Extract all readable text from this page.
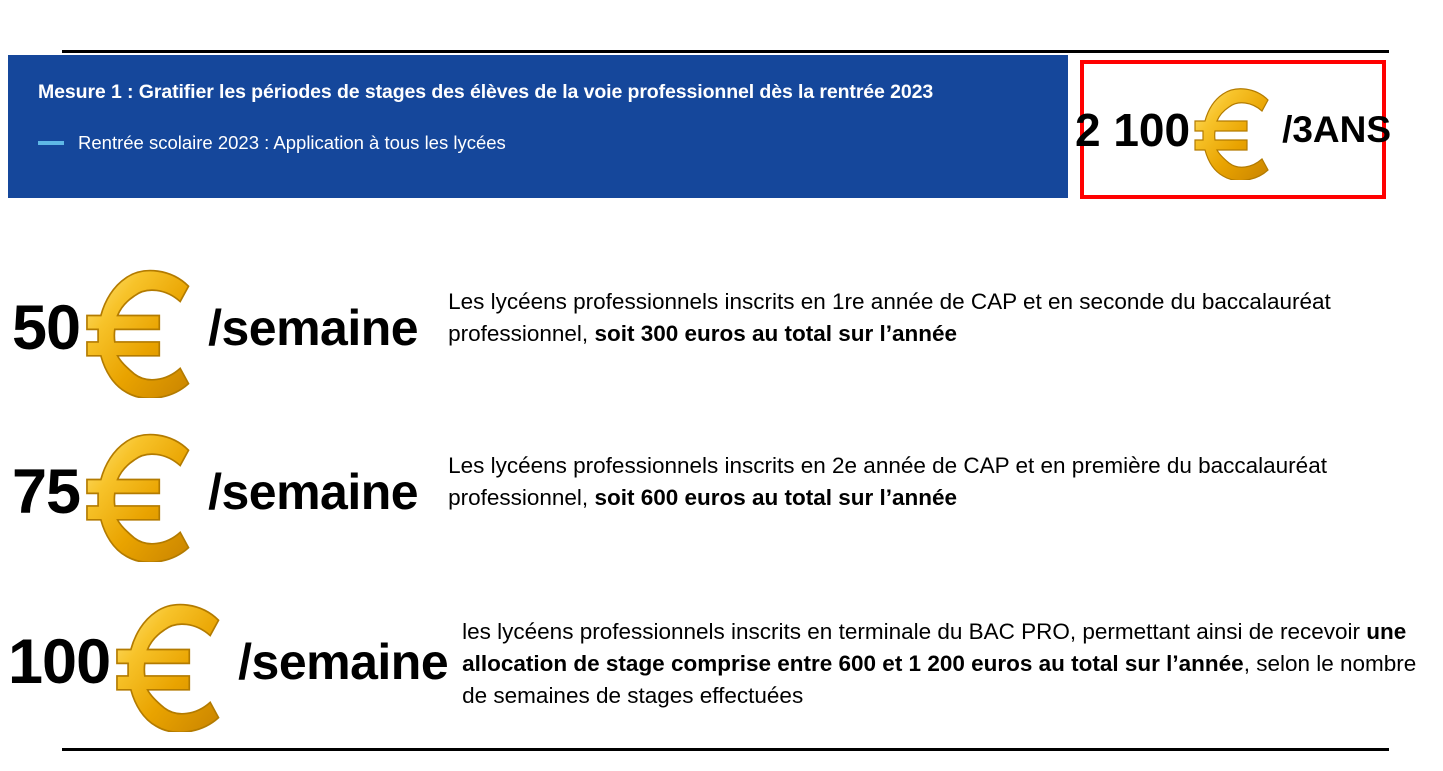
Mesure 1 : Gratifier les périodes de stages des élèves de la voie professionnel dès la rentrée 2023
Rentrée scolaire 2023 : Application à tous les lycées	2 100 /3ANS
50	/semaine Les lycéens professionnels inscrits en 1re année de CAP et en seconde du baccalauréat professionnel, soit 300 euros au total sur l’année
75	/semaine Les lycéens professionnels inscrits en 2e année de CAP et en première du baccalauréat professionnel, soit 600 euros au total sur l’année
100	/semaine
les lycéens professionnels inscrits en terminale du BAC PRO, permettant ainsi de recevoir une allocation de stage comprise entre 600 et 1 200 euros au total sur l’année, selon le nombre de semaines de stages effectuées
